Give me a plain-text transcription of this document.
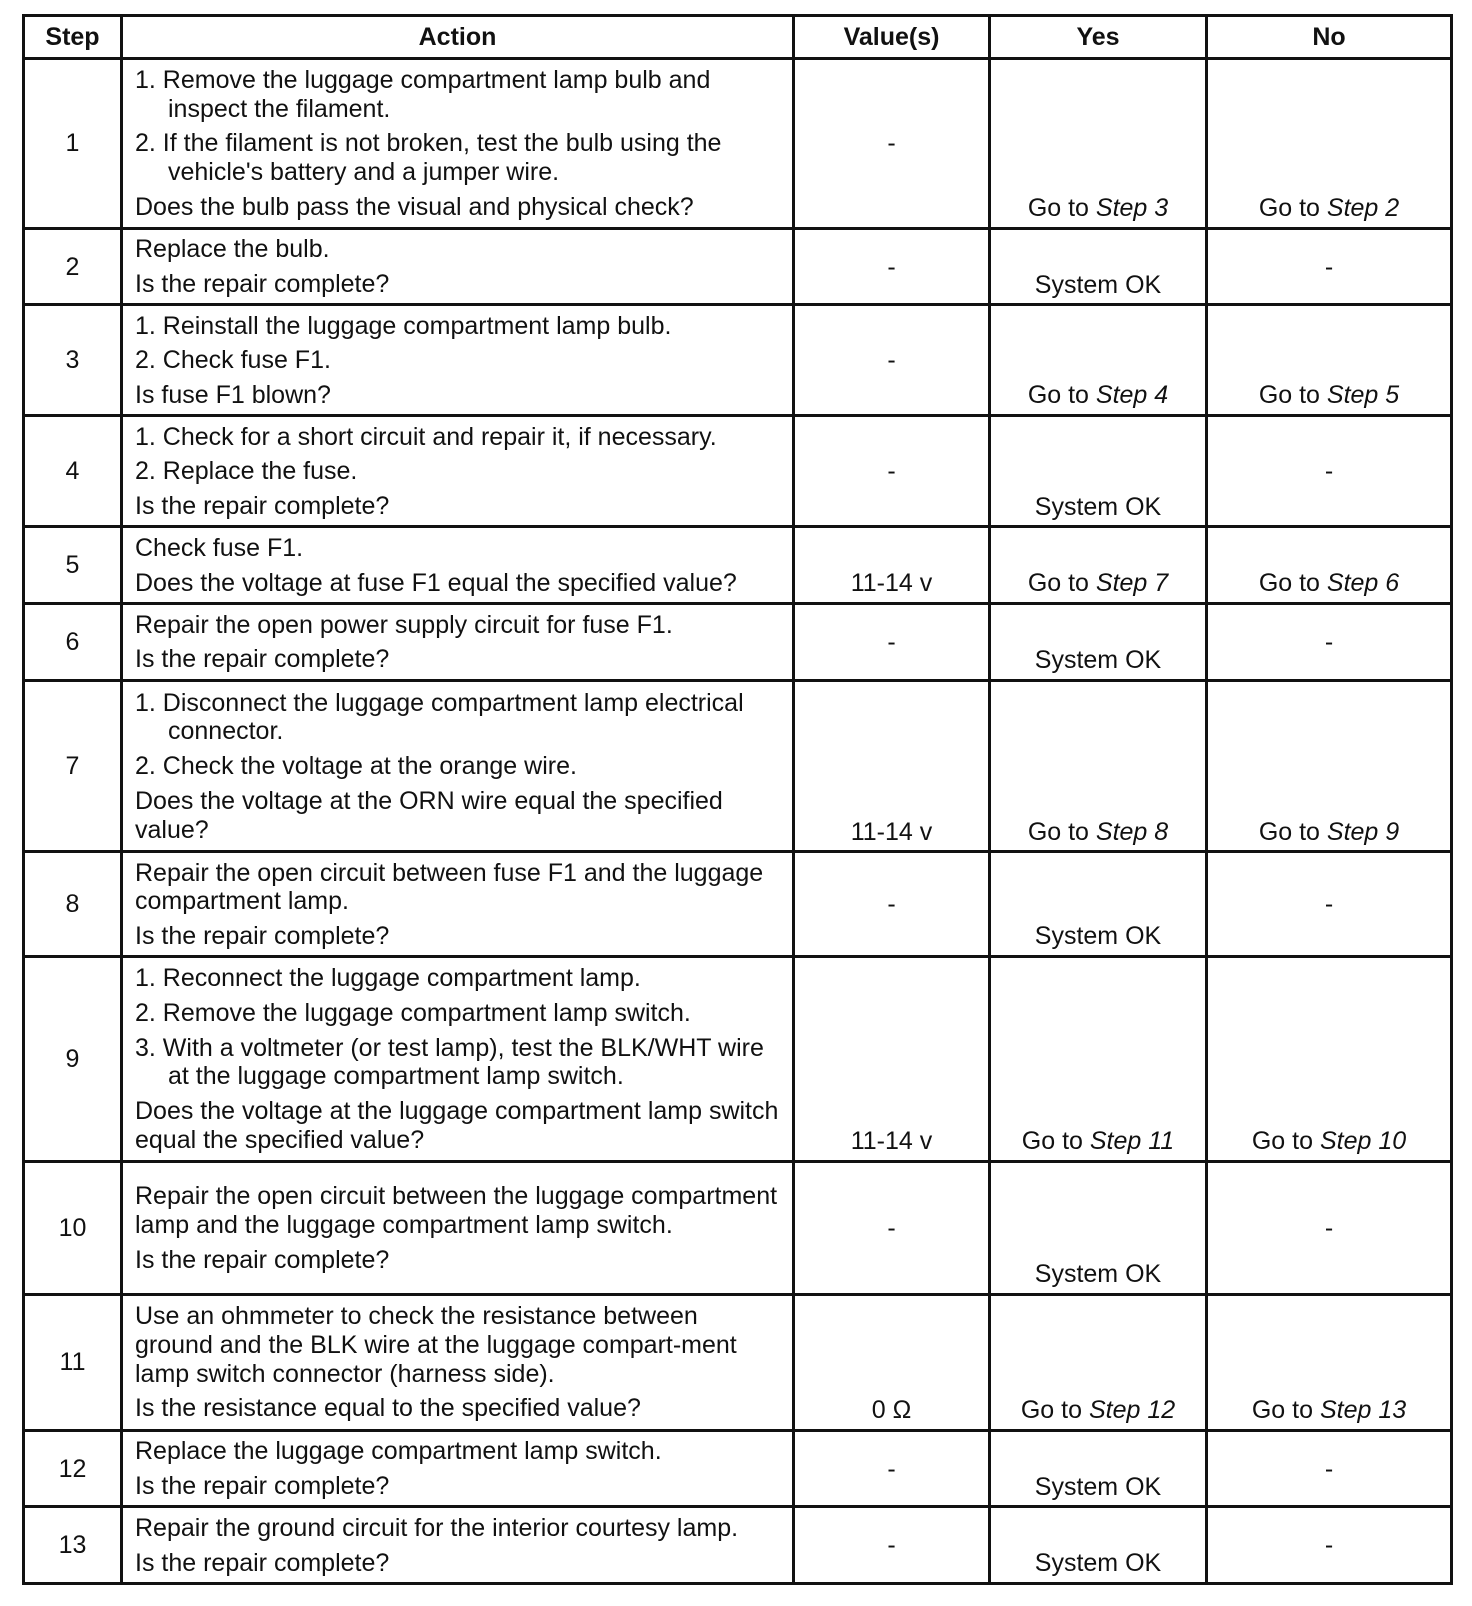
Step	Action	Value(s)	Yes	No
1	1. Remove the luggage compartment lamp bulb and inspect the filament.
2. If the filament is not broken, test the bulb using the vehicle's battery and a jumper wire.
Does the bulb pass the visual and physical check?	-	Go to Step 3	Go to Step 2
2	Replace the bulb.
Is the repair complete?	-	System OK	-
3	1. Reinstall the luggage compartment lamp bulb.
2. Check fuse F1.
Is fuse F1 blown?	-	Go to Step 4	Go to Step 5
4	1. Check for a short circuit and repair it, if necessary.
2. Replace the fuse.
Is the repair complete?	-	System OK	-
5	Check fuse F1.
Does the voltage at fuse F1 equal the specified value?	11-14 v	Go to Step 7	Go to Step 6
6	Repair the open power supply circuit for fuse F1.
Is the repair complete?	-	System OK	-
7	1. Disconnect the luggage compartment lamp electrical connector.
2. Check the voltage at the orange wire.
Does the voltage at the ORN wire equal the specified value?	11-14 v	Go to Step 8	Go to Step 9
8	Repair the open circuit between fuse F1 and the luggage compartment lamp.
Is the repair complete?	-	System OK	-
9	1. Reconnect the luggage compartment lamp.
2. Remove the luggage compartment lamp switch.
3. With a voltmeter (or test lamp), test the BLK/WHT wire at the luggage compartment lamp switch.
Does the voltage at the luggage compartment lamp switch equal the specified value?	11-14 v	Go to Step 11	Go to Step 10
10	Repair the open circuit between the luggage compartment lamp and the luggage compartment lamp switch.
Is the repair complete?	-	System OK	-
11	Use an ohmmeter to check the resistance between ground and the BLK wire at the luggage compart-ment lamp switch connector (harness side).
Is the resistance equal to the specified value?	0 Ω	Go to Step 12	Go to Step 13
12	Replace the luggage compartment lamp switch.
Is the repair complete?	-	System OK	-
13	Repair the ground circuit for the interior courtesy lamp.
Is the repair complete?	-	System OK	-
